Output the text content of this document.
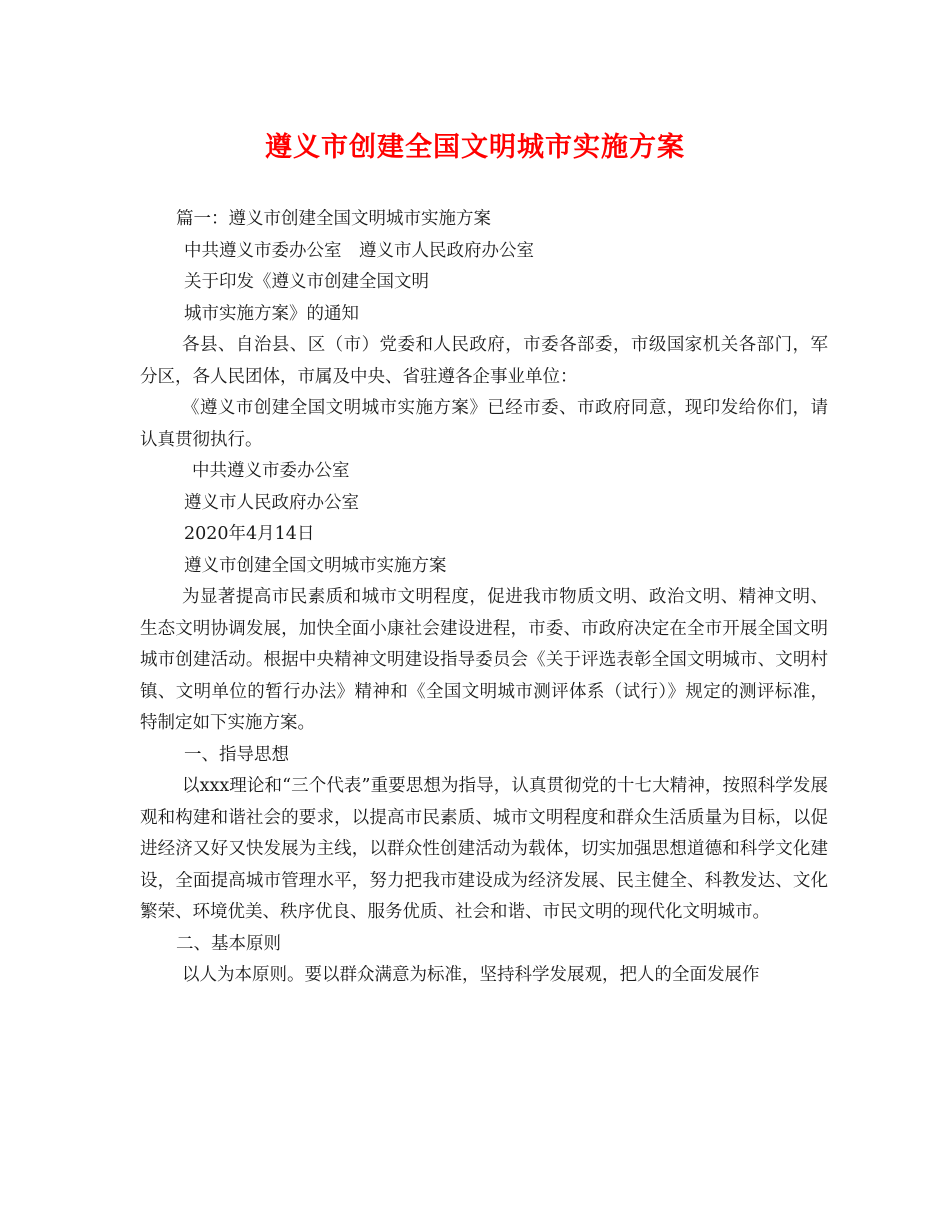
遵义市创建全国文明城市实施方案
篇一：遵义市创建全国文明城市实施方案
中共遵义市委办公室　遵义市人民政府办公室
关于印发《遵义市创建全国文明
城市实施方案》的通知
各县、自治县、区（市）党委和人民政府，市委各部委，市级国家机关各部门，军分区，各人民团体，市属及中央、省驻遵各企事业单位：
《遵义市创建全国文明城市实施方案》已经市委、市政府同意，现印发给你们，请认真贯彻执行。
中共遵义市委办公室
遵义市人民政府办公室
2020年4月14日
遵义市创建全国文明城市实施方案
为显著提高市民素质和城市文明程度，促进我市物质文明、政治文明、精神文明、生态文明协调发展，加快全面小康社会建设进程，市委、市政府决定在全市开展全国文明城市创建活动。根据中央精神文明建设指导委员会《关于评选表彰全国文明城市、文明村镇、文明单位的暂行办法》精神和《全国文明城市测评体系（试行）》规定的测评标准，特制定如下实施方案。
一、指导思想
以xxx理论和“三个代表”重要思想为指导，认真贯彻党的十七大精神，按照科学发展观和构建和谐社会的要求，以提高市民素质、城市文明程度和群众生活质量为目标，以促进经济又好又快发展为主线，以群众性创建活动为载体，切实加强思想道德和科学文化建设，全面提高城市管理水平，努力把我市建设成为经济发展、民主健全、科教发达、文化繁荣、环境优美、秩序优良、服务优质、社会和谐、市民文明的现代化文明城市。
二、基本原则
以人为本原则。要以群众满意为标准，坚持科学发展观，把人的全面发展作
